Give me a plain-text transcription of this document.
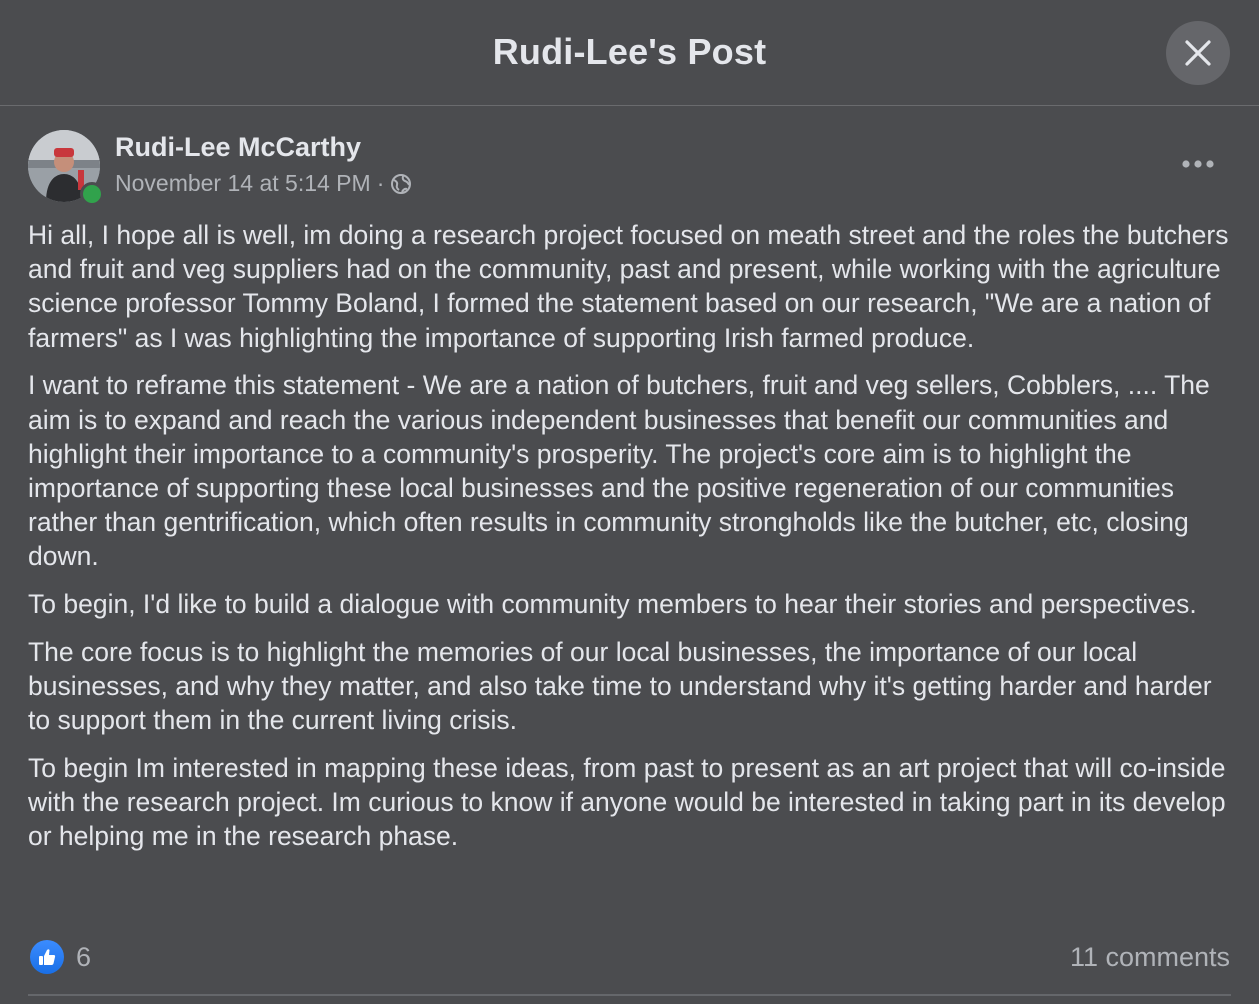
Rudi-Lee's Post
Rudi-Lee McCarthy
November 14 at 5:14 PM ·

Hi all, I hope all is well, im doing a research project focused on meath street and the roles the butchers and fruit and veg suppliers had on the community, past and present, while working with the agriculture science professor Tommy Boland, I formed the statement based on our research, "We are a nation of farmers" as I was highlighting the importance of supporting Irish farmed produce.

I want to reframe this statement - We are a nation of butchers, fruit and veg sellers, Cobblers, .... The aim is to expand and reach the various independent businesses that benefit our communities and highlight their importance to a community's prosperity. The project's core aim is to highlight the importance of supporting these local businesses and the positive regeneration of our communities rather than gentrification, which often results in community strongholds like the butcher, etc, closing down.

To begin, I'd like to build a dialogue with community members to hear their stories and perspectives.

The core focus is to highlight the memories of our local businesses, the importance of our local businesses, and why they matter, and also take time to understand why it's getting harder and harder to support them in the current living crisis.

To begin Im interested in mapping these ideas, from past to present as an art project that will co-inside with the research project. Im curious to know if anyone would be interested in taking part in its develop or helping me in the research phase.

6	11 comments
